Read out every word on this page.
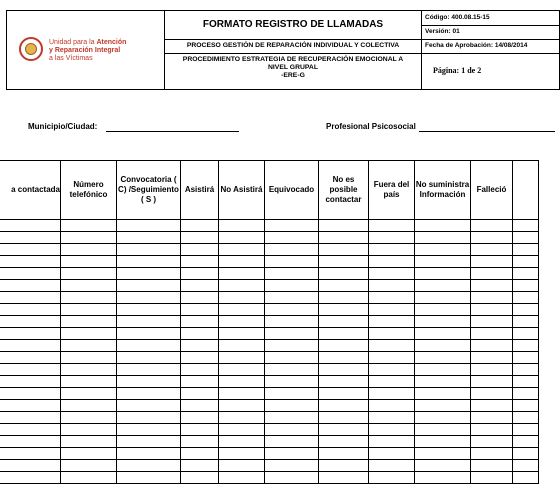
Unidad para la Atención
y Reparación Integral
a las Víctimas
FORMATO REGISTRO DE LLAMADAS
PROCESO GESTIÓN DE REPARACIÓN INDIVIDUAL Y COLECTIVA
PROCEDIMIENTO ESTRATEGIA DE RECUPERACIÓN EMOCIONAL A
NIVEL GRUPAL
-ERE-G
Código: 400.08.15-15
Versión: 01
Fecha de Aprobación: 14/08/2014
Página: 1 de 2
Municipio/Ciudad:	Profesional Psicosocial
a contactada	Número telefónico	Convocatoria ( C) /Seguimiento ( S )	Asistirá	No Asistirá	Equivocado	No es posible contactar	Fuera del país	No suministra Información	Falleció	
